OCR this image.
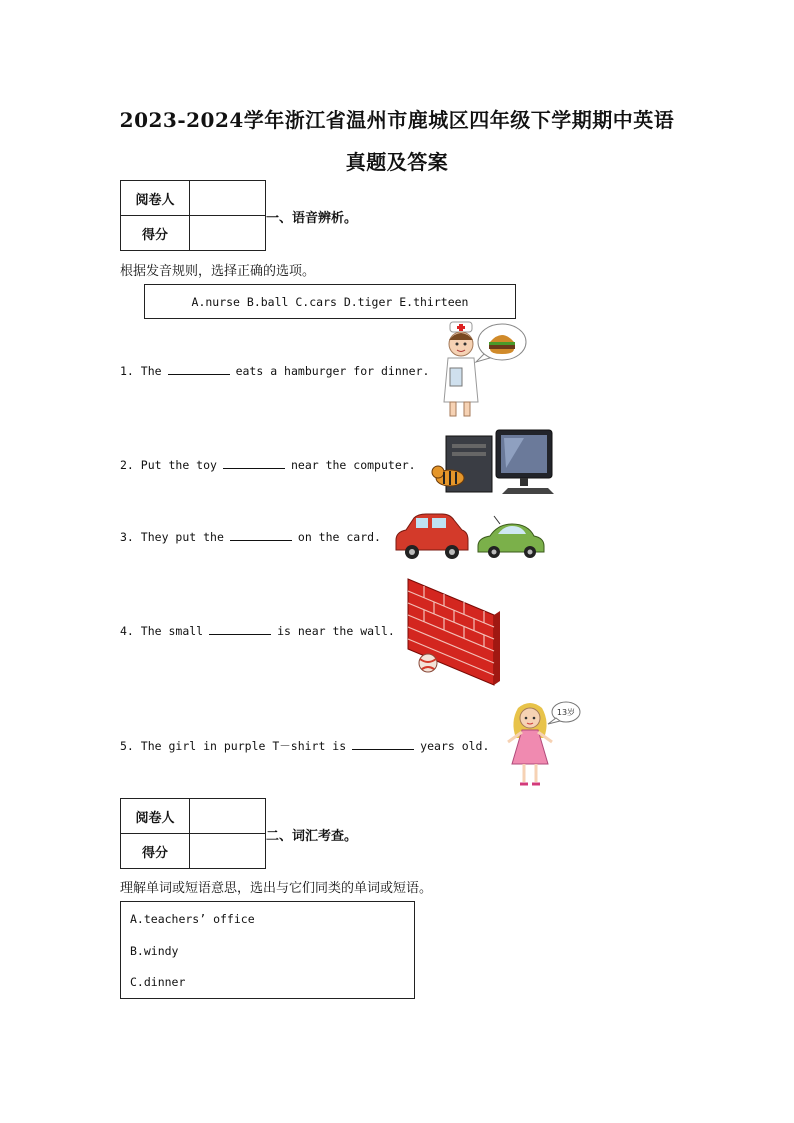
2023-2024学年浙江省温州市鹿城区四年级下学期期中英语
真题及答案
阅卷人	
得分	
一、语音辨析。
根据发音规则，选择正确的选项。
A.nurse B.ball C.cars D.tiger E.thirteen
1. The	eats a hamburger for dinner.
2. Put the toy	near the computer.
3. They put the	on the card.
4. The small	is near the wall.
5. The girl in purple T－shirt is	years old.
13岁
阅卷人	
得分	
二、词汇考查。
理解单词或短语意思，选出与它们同类的单词或短语。
A.teachers’ office
B.windy
C.dinner
